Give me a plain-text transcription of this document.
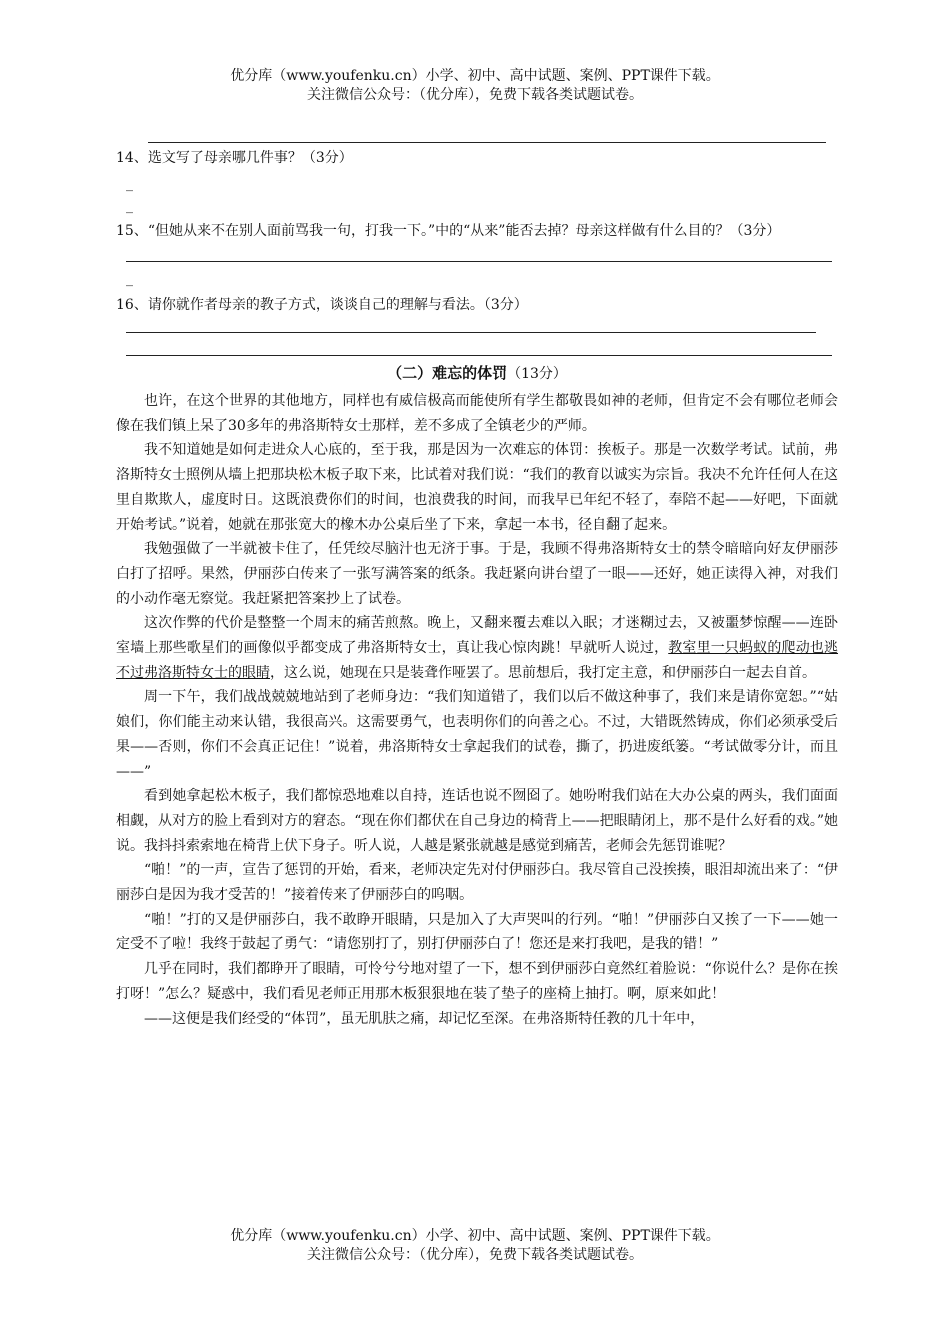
优分库（www.youfenku.cn）小学、初中、高中试题、案例、PPT课件下载。
关注微信公众号：（优分库），免费下载各类试题试卷。
14、选文写了母亲哪几件事？（3分）
_
_
15、“但她从来不在别人面前骂我一句，打我一下。”中的“从来”能否去掉？母亲这样做有什么目的？（3分）
_
16、请你就作者母亲的教子方式，谈谈自己的理解与看法。（3分）
（二）难忘的体罚（13分）

也许，在这个世界的其他地方，同样也有威信极高而能使所有学生都敬畏如神的老师，但肯定不会有哪位老师会像在我们镇上呆了30多年的弗洛斯特女士那样，差不多成了全镇老少的严师。

我不知道她是如何走进众人心底的，至于我，那是因为一次难忘的体罚：挨板子。那是一次数学考试。试前，弗洛斯特女士照例从墙上把那块松木板子取下来，比试着对我们说：“我们的教育以诚实为宗旨。我决不允许任何人在这里自欺欺人，虚度时日。这既浪费你们的时间，也浪费我的时间，而我早已年纪不轻了，奉陪不起——好吧，下面就开始考试。”说着，她就在那张宽大的橡木办公桌后坐了下来，拿起一本书，径自翻了起来。

我勉强做了一半就被卡住了，任凭绞尽脑汁也无济于事。于是，我顾不得弗洛斯特女士的禁令暗暗向好友伊丽莎白打了招呼。果然，伊丽莎白传来了一张写满答案的纸条。我赶紧向讲台望了一眼——还好，她正读得入神，对我们的小动作毫无察觉。我赶紧把答案抄上了试卷。

这次作弊的代价是整整一个周末的痛苦煎熬。晚上，又翻来覆去难以入眠；才迷糊过去，又被噩梦惊醒——连卧室墙上那些歌星们的画像似乎都变成了弗洛斯特女士，真让我心惊肉跳！早就听人说过，教室里一只蚂蚁的爬动也逃不过弗洛斯特女士的眼睛，这么说，她现在只是装聋作哑罢了。思前想后，我打定主意，和伊丽莎白一起去自首。

周一下午，我们战战兢兢地站到了老师身边：“我们知道错了，我们以后不做这种事了，我们来是请你宽恕。”“姑娘们，你们能主动来认错，我很高兴。这需要勇气，也表明你们的向善之心。不过，大错既然铸成，你们必须承受后果——否则，你们不会真正记住！”说着，弗洛斯特女士拿起我们的试卷，撕了，扔进废纸篓。“考试做零分计，而且——”

看到她拿起松木板子，我们都惊恐地难以自持，连话也说不囫囵了。她吩咐我们站在大办公桌的两头，我们面面相觑，从对方的脸上看到对方的窘态。“现在你们都伏在自己身边的椅背上——把眼睛闭上，那不是什么好看的戏。”她说。我抖抖索索地在椅背上伏下身子。听人说，人越是紧张就越是感觉到痛苦，老师会先惩罚谁呢？

“啪！”的一声，宣告了惩罚的开始，看来，老师决定先对付伊丽莎白。我尽管自己没挨揍，眼泪却流出来了：“伊丽莎白是因为我才受苦的！”接着传来了伊丽莎白的呜咽。

“啪！”打的又是伊丽莎白，我不敢睁开眼睛，只是加入了大声哭叫的行列。“啪！”伊丽莎白又挨了一下——她一定受不了啦！我终于鼓起了勇气：“请您别打了，别打伊丽莎白了！您还是来打我吧，是我的错！”

几乎在同时，我们都睁开了眼睛，可怜兮兮地对望了一下，想不到伊丽莎白竟然红着脸说：“你说什么？是你在挨打呀！”怎么？疑惑中，我们看见老师正用那木板狠狠地在装了垫子的座椅上抽打。啊，原来如此！

——这便是我们经受的“体罚”，虽无肌肤之痛，却记忆至深。在弗洛斯特任教的几十年中，

优分库（www.youfenku.cn）小学、初中、高中试题、案例、PPT课件下载。
关注微信公众号：（优分库），免费下载各类试题试卷。
